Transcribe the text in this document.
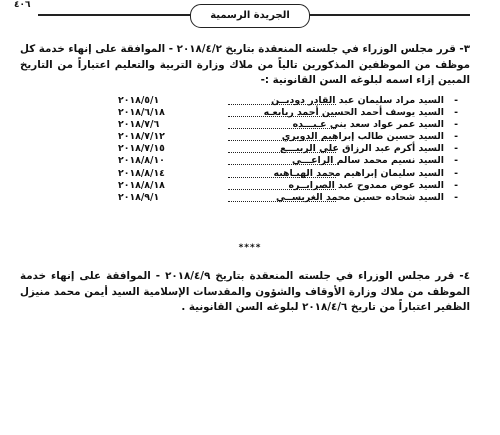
الجريدة الرسمية
٤٠٦
٣- قرر مجلس الوزراء في جلسته المنعقدة بتاريخ ٢٠١٨/٤/٢ - الموافقة على إنهاء خدمة كل موظف من الموظفين المذكورين تالياً من ملاك وزارة التربية والتعليم اعتباراً من التاريخ المبين إزاء اسمه لبلوغه السن القانونية :-
-
السيد مراد سليمان عبد القادر دوديــن
٢٠١٨/٥/١
-
السيد يوسف أحمد الحسين أحمد ربابعـه
٢٠١٨/٦/١٨
-
السيد عمر عواد سعد بني عـبـــده
٢٠١٨/٧/٦
-
السيد حسين طالب إبراهيم الدويري
٢٠١٨/٧/١٢
-
السيد أكرم عبد الرزاق علي الربيـــع
٢٠١٨/٧/١٥
-
السيد نسيم محمد سالم الراعـــي
٢٠١٨/٨/١٠
-
السيد سليمان إبراهيم محمد الهيـاهبه
٢٠١٨/٨/١٤
-
السيد عوض ممدوح عبد الصرايــره
٢٠١٨/٨/١٨
-
السيد شحاده حسين محمد الغريســي
٢٠١٨/٩/١
****
٤- قرر مجلس الوزراء في جلسته المنعقدة بتاريخ ٢٠١٨/٤/٩ - الموافقة على إنهاء خدمة الموظف من ملاك وزارة الأوقاف والشؤون والمقدسات الإسلامية السيد أيمن محمد منيزل الظفير اعتباراً من تاريخ ٢٠١٨/٤/٦ لبلوغه السن القانونية .
